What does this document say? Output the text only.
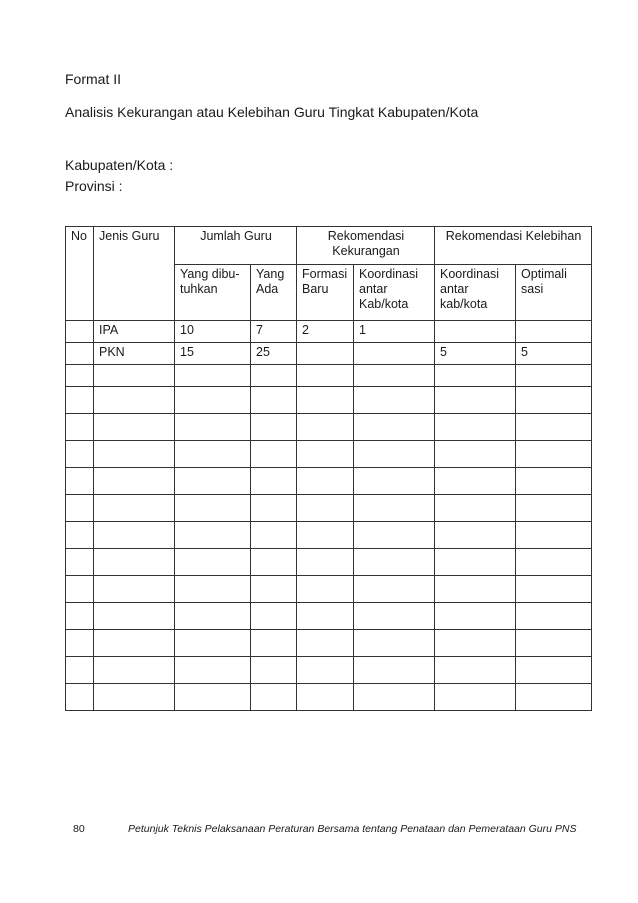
Format II
Analisis Kekurangan atau Kelebihan Guru Tingkat Kabupaten/Kota
Kabupaten/Kota :
Provinsi :
No	Jenis Guru	Jumlah Guru		Rekomendasi Kekurangan		Rekomendasi Kelebihan	
		Yang dibu-tuhkan	Yang Ada	Formasi Baru	Koordinasi antar Kab/kota	Koordinasi antar kab/kota	Optimali sasi
	IPA	10	7	2	1		
	PKN	15	25			5	5

80	Petunjuk Teknis Pelaksanaan Peraturan Bersama tentang Penataan dan Pemerataan Guru PNS
